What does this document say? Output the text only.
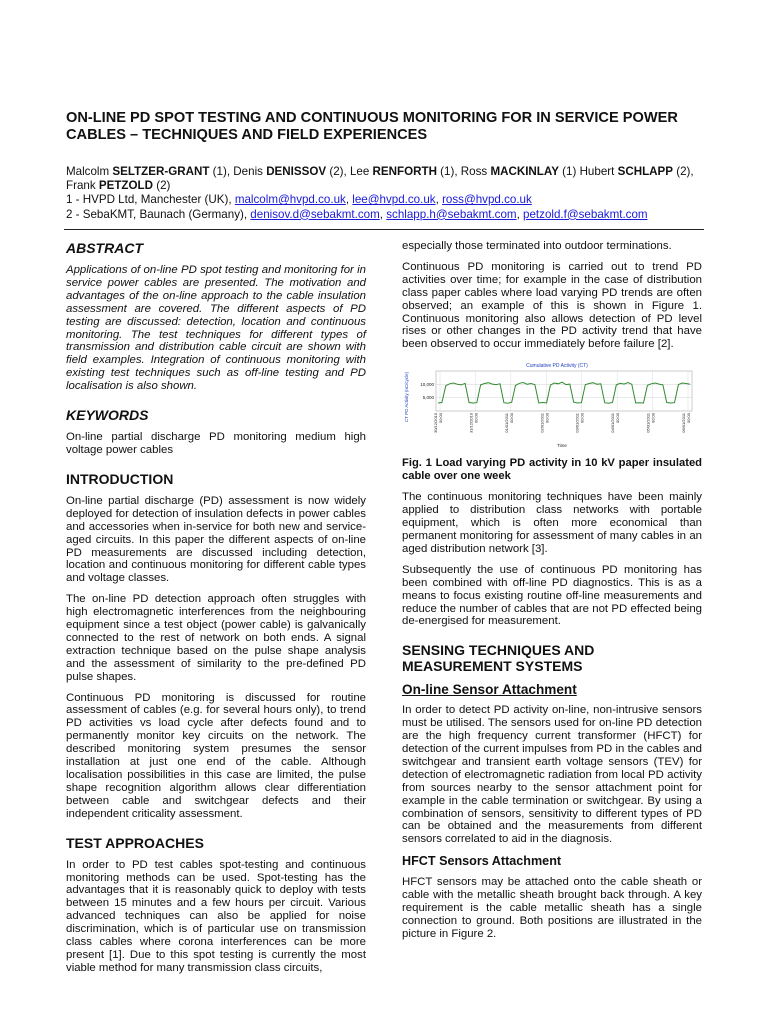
ON-LINE PD SPOT TESTING AND CONTINUOUS MONITORING FOR IN SERVICE POWER CABLES – TECHNIQUES AND FIELD EXPERIENCES
Malcolm SELTZER-GRANT (1), Denis DENISSOV (2), Lee RENFORTH (1), Ross MACKINLAY (1) Hubert SCHLAPP (2),
Frank PETZOLD (2)
1 - HVPD Ltd, Manchester (UK), malcolm@hvpd.co.uk, lee@hvpd.co.uk, ross@hvpd.co.uk
2 - SebaKMT, Baunach (Germany), denisov.d@sebakmt.com, schlapp.h@sebakmt.com, petzold.f@sebakmt.com
ABSTRACT

Applications of on-line PD spot testing and monitoring for in service power cables are presented. The motivation and advantages of the on-line approach to the cable insulation assessment are covered. The different aspects of PD testing are discussed: detection, location and continuous monitoring. The test techniques for different types of transmission and distribution cable circuit are shown with field examples. Integration of continuous monitoring with existing test techniques such as off-line testing and PD localisation is also shown.

KEYWORDS

On-line partial discharge PD monitoring medium high voltage power cables

INTRODUCTION

On-line partial discharge (PD) assessment is now widely deployed for detection of insulation defects in power cables and accessories when in-service for both new and service-aged circuits. In this paper the different aspects of on-line PD measurements are discussed including detection, location and continuous monitoring for different cable types and voltage classes.

The on-line PD detection approach often struggles with high electromagnetic interferences from the neighbouring equipment since a test object (power cable) is galvanically connected to the rest of network on both ends. A signal extraction technique based on the pulse shape analysis and the assessment of similarity to the pre-defined PD pulse shapes.

Continuous PD monitoring is discussed for routine assessment of cables (e.g. for several hours only), to trend PD activities vs load cycle after defects found and to permanently monitor key circuits on the network. The described monitoring system presumes the sensor installation at just one end of the cable. Although localisation possibilities in this case are limited, the pulse shape recognition algorithm allows clear differentiation between cable and switchgear defects and their independent criticality assessment.

TEST APPROACHES

In order to PD test cables spot-testing and continuous monitoring methods can be used. Spot-testing has the advantages that it is reasonably quick to deploy with tests between 15 minutes and a few hours per circuit. Various advanced techniques can also be applied for noise discrimination, which is of particular use on transmission class cables where corona interferences can be more present [1]. Due to this spot testing is currently the most viable method for many transmission class circuits,

especially those terminated into outdoor terminations.

Continuous PD monitoring is carried out to trend PD activities over time; for example in the case of distribution class paper cables where load varying PD trends are often observed; an example of this is shown in Figure 1. Continuous monitoring also allows detection of PD level rises or other changes in the PD activity trend that have been observed to occur immediately before failure [2].

Cumulative PD Activity (CT)
CT PD Activity (nC/cycle)
Time
10,000
5,000
30/12/2010 00:00	31/12/2010 00:00	01/01/2011 00:00	02/01/2011 00:00	03/01/2011 00:00	04/01/2011 00:00	05/01/2011 00:00	06/01/2011 00:00

Fig. 1 Load varying PD activity in 10 kV paper insulated cable over one week

The continuous monitoring techniques have been mainly applied to distribution class networks with portable equipment, which is often more economical than permanent monitoring for assessment of many cables in an aged distribution network [3].

Subsequently the use of continuous PD monitoring has been combined with off-line PD diagnostics. This is as a means to focus existing routine off-line measurements and reduce the number of cables that are not PD effected being de-energised for measurement.

SENSING TECHNIQUES AND MEASUREMENT SYSTEMS
On-line Sensor Attachment

In order to detect PD activity on-line, non-intrusive sensors must be utilised. The sensors used for on-line PD detection are the high frequency current transformer (HFCT) for detection of the current impulses from PD in the cables and switchgear and transient earth voltage sensors (TEV) for detection of electromagnetic radiation from local PD activity from sources nearby to the sensor attachment point for example in the cable termination or switchgear. By using a combination of sensors, sensitivity to different types of PD can be obtained and the measurements from different sensors correlated to aid in the diagnosis.

HFCT Sensors Attachment

HFCT sensors may be attached onto the cable sheath or cable with the metallic sheath brought back through. A key requirement is the cable metallic sheath has a single connection to ground. Both positions are illustrated in the picture in Figure 2.
